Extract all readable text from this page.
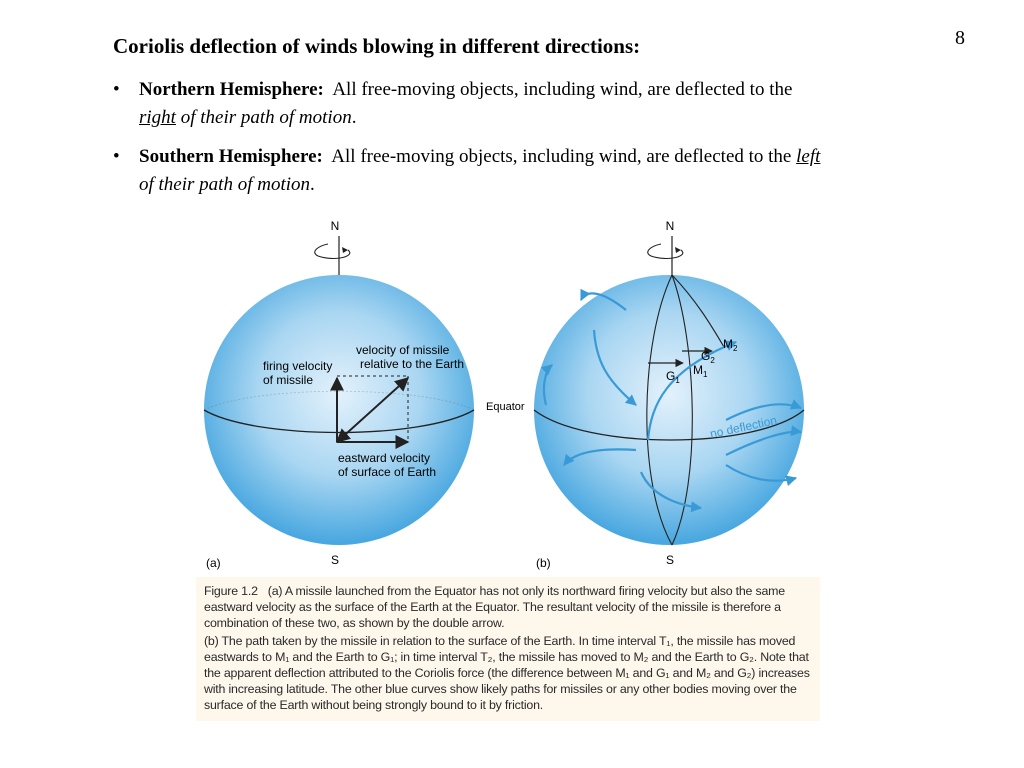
8
Coriolis deflection of winds blowing in different directions:
• Northern Hemisphere: All free-moving objects, including wind, are deflected to the
right of their path of motion.
• Southern Hemisphere: All free-moving objects, including wind, are deflected to the left
of their path of motion.
N
firing velocity of missile
velocity of missile relative to the Earth
eastward velocity of surface of Earth
Equator
S
(a)
N
no deflection
$M_2$
$G_2$
$G_1$
$M_1$
S
(b)

Figure 1.2 (a) A missile launched from the Equator has not only its northward firing velocity but also the same eastward velocity as the surface of the Earth at the Equator. The resultant velocity of the missile is therefore a combination of these two, as shown by the double arrow.

(b) The path taken by the missile in relation to the surface of the Earth. In time interval T₁, the missile has moved eastwards to M₁ and the Earth to G₁; in time interval T₂, the missile has moved to M₂ and the Earth to G₂. Note that the apparent deflection attributed to the Coriolis force (the difference between M₁ and G₁ and M₂ and G₂) increases with increasing latitude. The other blue curves show likely paths for missiles or any other bodies moving over the surface of the Earth without being strongly bound to it by friction.
